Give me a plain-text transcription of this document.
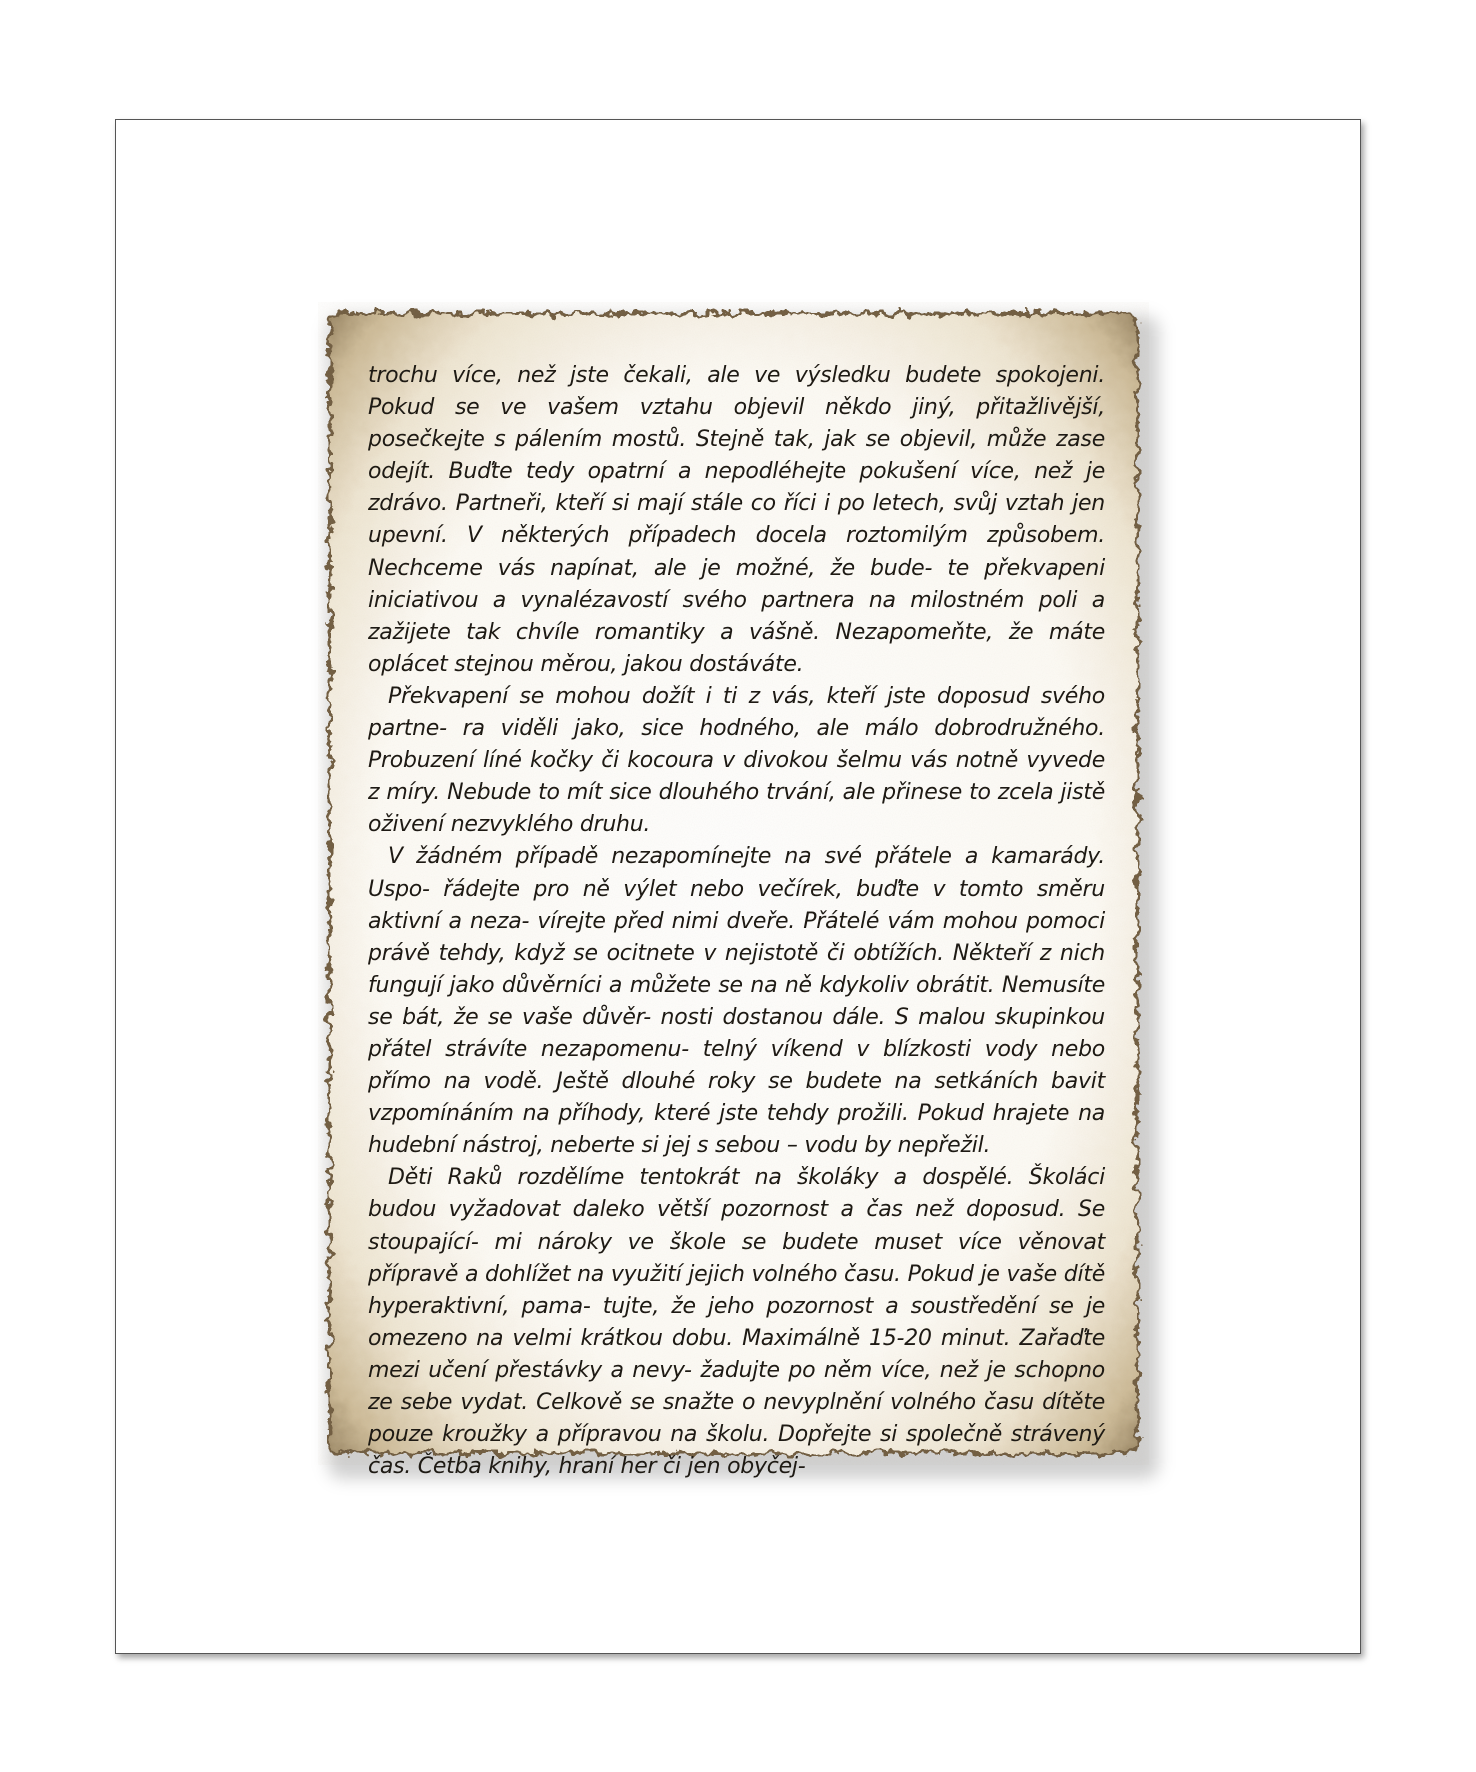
trochu více, než jste čekali, ale ve výsledku budete spokojeni. Pokud se ve vašem vztahu objevil někdo jiný, přitažlivější, posečkejte s pálením mostů. Stejně tak, jak se objevil, může zase odejít. Buďte tedy opatrní a nepodléhejte pokušení více, než je zdrávo. Partneři, kteří si mají stále co říci i po letech, svůj vztah jen upevní. V některých případech docela roztomilým způsobem. Nechceme vás napínat, ale je možné, že bude- te překvapeni iniciativou a vynalézavostí svého partnera na milostném poli a zažijete tak chvíle romantiky a vášně. Nezapomeňte, že máte oplácet stejnou měrou, jakou dostáváte.

Překvapení se mohou dožít i ti z vás, kteří jste doposud svého partne- ra viděli jako, sice hodného, ale málo dobrodružného. Probuzení líné kočky či kocoura v divokou šelmu vás notně vyvede z míry. Nebude to mít sice dlouhého trvání, ale přinese to zcela jistě oživení nezvyklého druhu.

V žádném případě nezapomínejte na své přátele a kamarády. Uspo- řádejte pro ně výlet nebo večírek, buďte v tomto směru aktivní a neza- vírejte před nimi dveře. Přátelé vám mohou pomoci právě tehdy, když se ocitnete v nejistotě či obtížích. Někteří z nich fungují jako důvěrníci a můžete se na ně kdykoliv obrátit. Nemusíte se bát, že se vaše důvěr- nosti dostanou dále. S malou skupinkou přátel strávíte nezapomenu- telný víkend v blízkosti vody nebo přímo na vodě. Ještě dlouhé roky se budete na setkáních bavit vzpomínáním na příhody, které jste tehdy prožili. Pokud hrajete na hudební nástroj, neberte si jej s sebou – vodu by nepřežil.

Děti Raků rozdělíme tentokrát na školáky a dospělé. Školáci budou vyžadovat daleko větší pozornost a čas než doposud. Se stoupající- mi nároky ve škole se budete muset více věnovat přípravě a dohlížet na využití jejich volného času. Pokud je vaše dítě hyperaktivní, pama- tujte, že jeho pozornost a soustředění se je omezeno na velmi krátkou dobu. Maximálně 15-20 minut. Zařaďte mezi učení přestávky a nevy- žadujte po něm více, než je schopno ze sebe vydat. Celkově se snažte o nevyplnění volného času dítěte pouze kroužky a přípravou na školu. Dopřejte si společně strávený čas. Četba knihy, hraní her či jen obyčej-
